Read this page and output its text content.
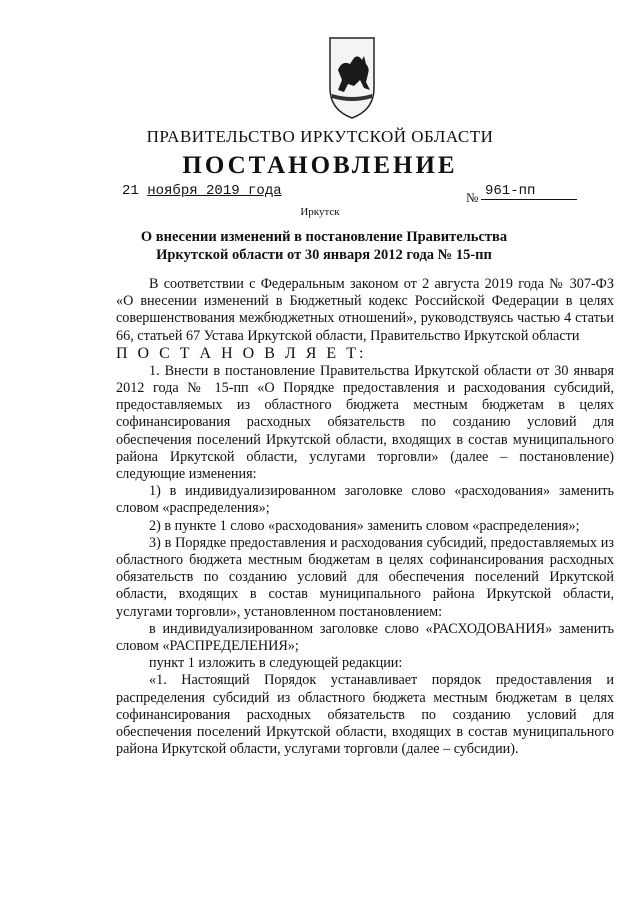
ПРАВИТЕЛЬСТВО ИРКУТСКОЙ ОБЛАСТИ
ПОСТАНОВЛЕНИЕ
21 ноября 2019 года	№ 961-пп
Иркутск
О внесении изменений в постановление Правительства Иркутской области от 30 января 2012 года № 15-пп

В соответствии с Федеральным законом от 2 августа 2019 года № 307-ФЗ «О внесении изменений в Бюджетный кодекс Российской Федерации в целях совершенствования межбюджетных отношений», руководствуясь частью 4 статьи 66, статьей 67 Устава Иркутской области, Правительство Иркутской области

П О С Т А Н О В Л Я Е Т:

1. Внести в постановление Правительства Иркутской области от 30 января 2012 года № 15-пп «О Порядке предоставления и расходования субсидий, предоставляемых из областного бюджета местным бюджетам в целях софинансирования расходных обязательств по созданию условий для обеспечения поселений Иркутской области, входящих в состав муниципального района Иркутской области, услугами торговли» (далее – постановление) следующие изменения:

1) в индивидуализированном заголовке слово «расходования» заменить словом «распределения»;

2) в пункте 1 слово «расходования» заменить словом «распределения»;

3) в Порядке предоставления и расходования субсидий, предоставляемых из областного бюджета местным бюджетам в целях софинансирования расходных обязательств по созданию условий для обеспечения поселений Иркутской области, входящих в состав муниципального района Иркутской области, услугами торговли», установленном постановлением:

в индивидуализированном заголовке слово «РАСХОДОВАНИЯ» заменить словом «РАСПРЕДЕЛЕНИЯ»;

пункт 1 изложить в следующей редакции:

«1. Настоящий Порядок устанавливает порядок предоставления и распределения субсидий из областного бюджета местным бюджетам в целях софинансирования расходных обязательств по созданию условий для обеспечения поселений Иркутской области, входящих в состав муниципального района Иркутской области, услугами торговли (далее – субсидии).
